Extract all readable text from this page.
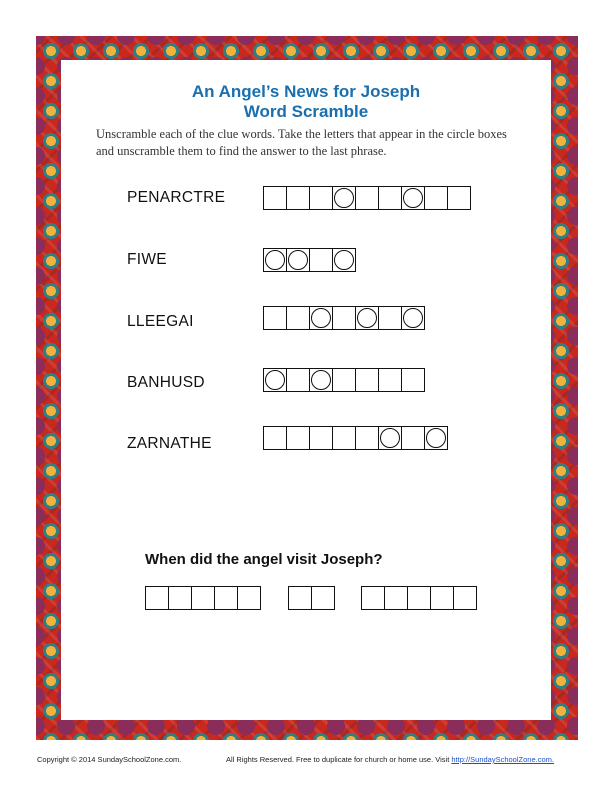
An Angel’s News for Joseph
Word Scramble

Unscramble each of the clue words. Take the letters that appear in the circle boxes and unscramble them to find the answer to the last phrase.

PENARCTRE
FIWE
LLEEGAI
BANHUSD
ZARNATHE
When did the angel visit Joseph?
Copyright © 2014 SundaySchoolZone.com.	All Rights Reserved. Free to duplicate for church or home use. Visit http://SundaySchoolZone.com.
